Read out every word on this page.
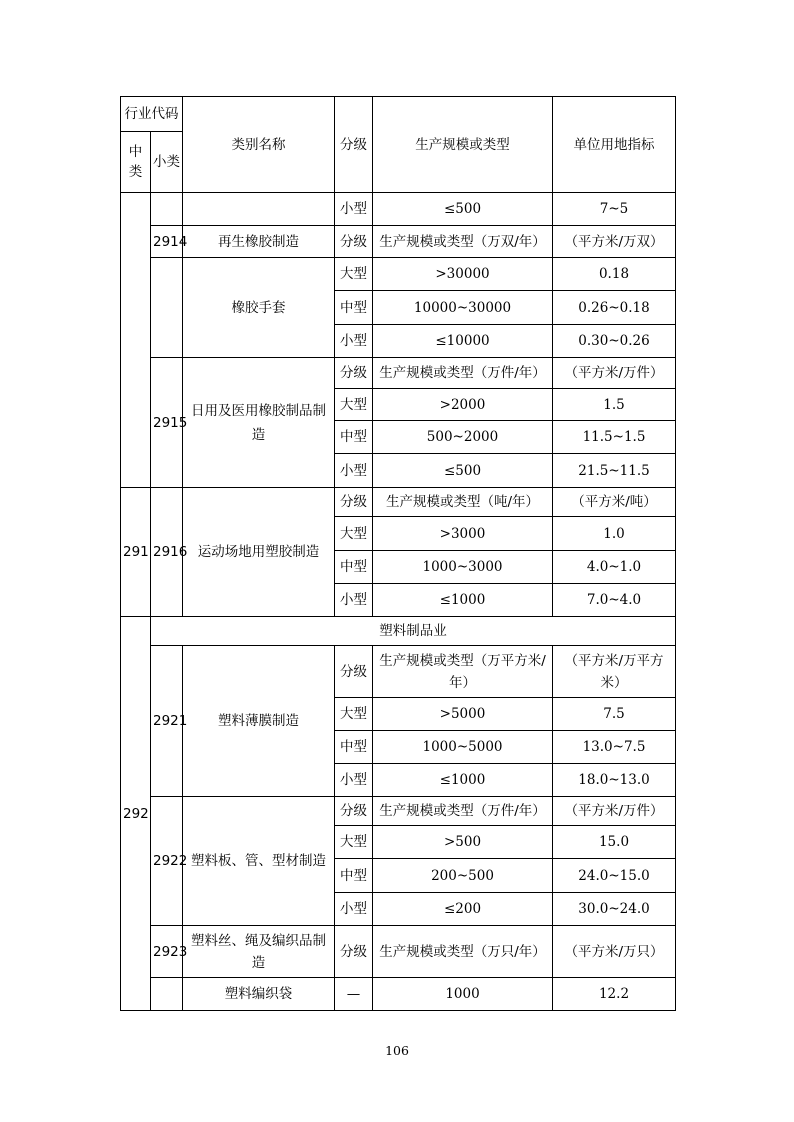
行业代码		类别名称	分级	生产规模或类型	单位用地指标
中类	小类				
			小型	≤500	7~5
	2914	再生橡胶制造	分级	生产规模或类型（万双/年）	（平方米/万双）
		橡胶手套	大型	>30000	0.18
			中型	10000~30000	0.26~0.18
			小型	≤10000	0.30~0.26
	2915	日用及医用橡胶制品制造	分级	生产规模或类型（万件/年）	（平方米/万件）
			大型	>2000	1.5
			中型	500~2000	11.5~1.5
			小型	≤500	21.5~11.5
291	2916	运动场地用塑胶制造	分级	生产规模或类型（吨/年）	（平方米/吨）
			大型	>3000	1.0
			中型	1000~3000	4.0~1.0
			小型	≤1000	7.0~4.0
292	塑料制品业				
	2921	塑料薄膜制造	分级	生产规模或类型（万平方米/年）	（平方米/万平方米）
			大型	>5000	7.5
			中型	1000~5000	13.0~7.5
			小型	≤1000	18.0~13.0
	2922	塑料板、管、型材制造	分级	生产规模或类型（万件/年）	（平方米/万件）
			大型	>500	15.0
			中型	200~500	24.0~15.0
			小型	≤200	30.0~24.0
	2923	塑料丝、绳及编织品制造	分级	生产规模或类型（万只/年）	（平方米/万只）
		塑料编织袋	—	1000	12.2
106
